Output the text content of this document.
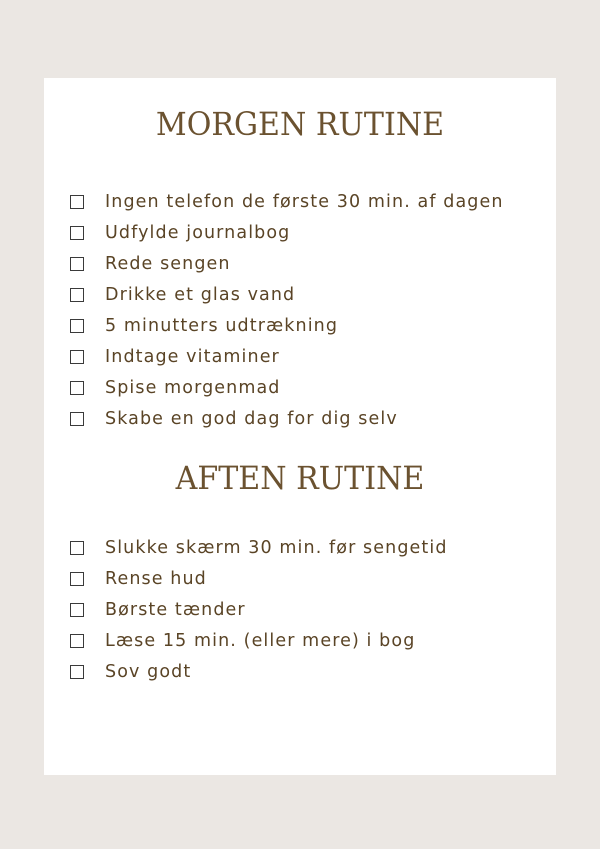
MORGEN RUTINE
Ingen telefon de første 30 min. af dagen
Udfylde journalbog
Rede sengen
Drikke et glas vand
5 minutters udtrækning
Indtage vitaminer
Spise morgenmad
Skabe en god dag for dig selv
AFTEN RUTINE
Slukke skærm 30 min. før sengetid
Rense hud
Børste tænder
Læse 15 min. (eller mere) i bog
Sov godt
